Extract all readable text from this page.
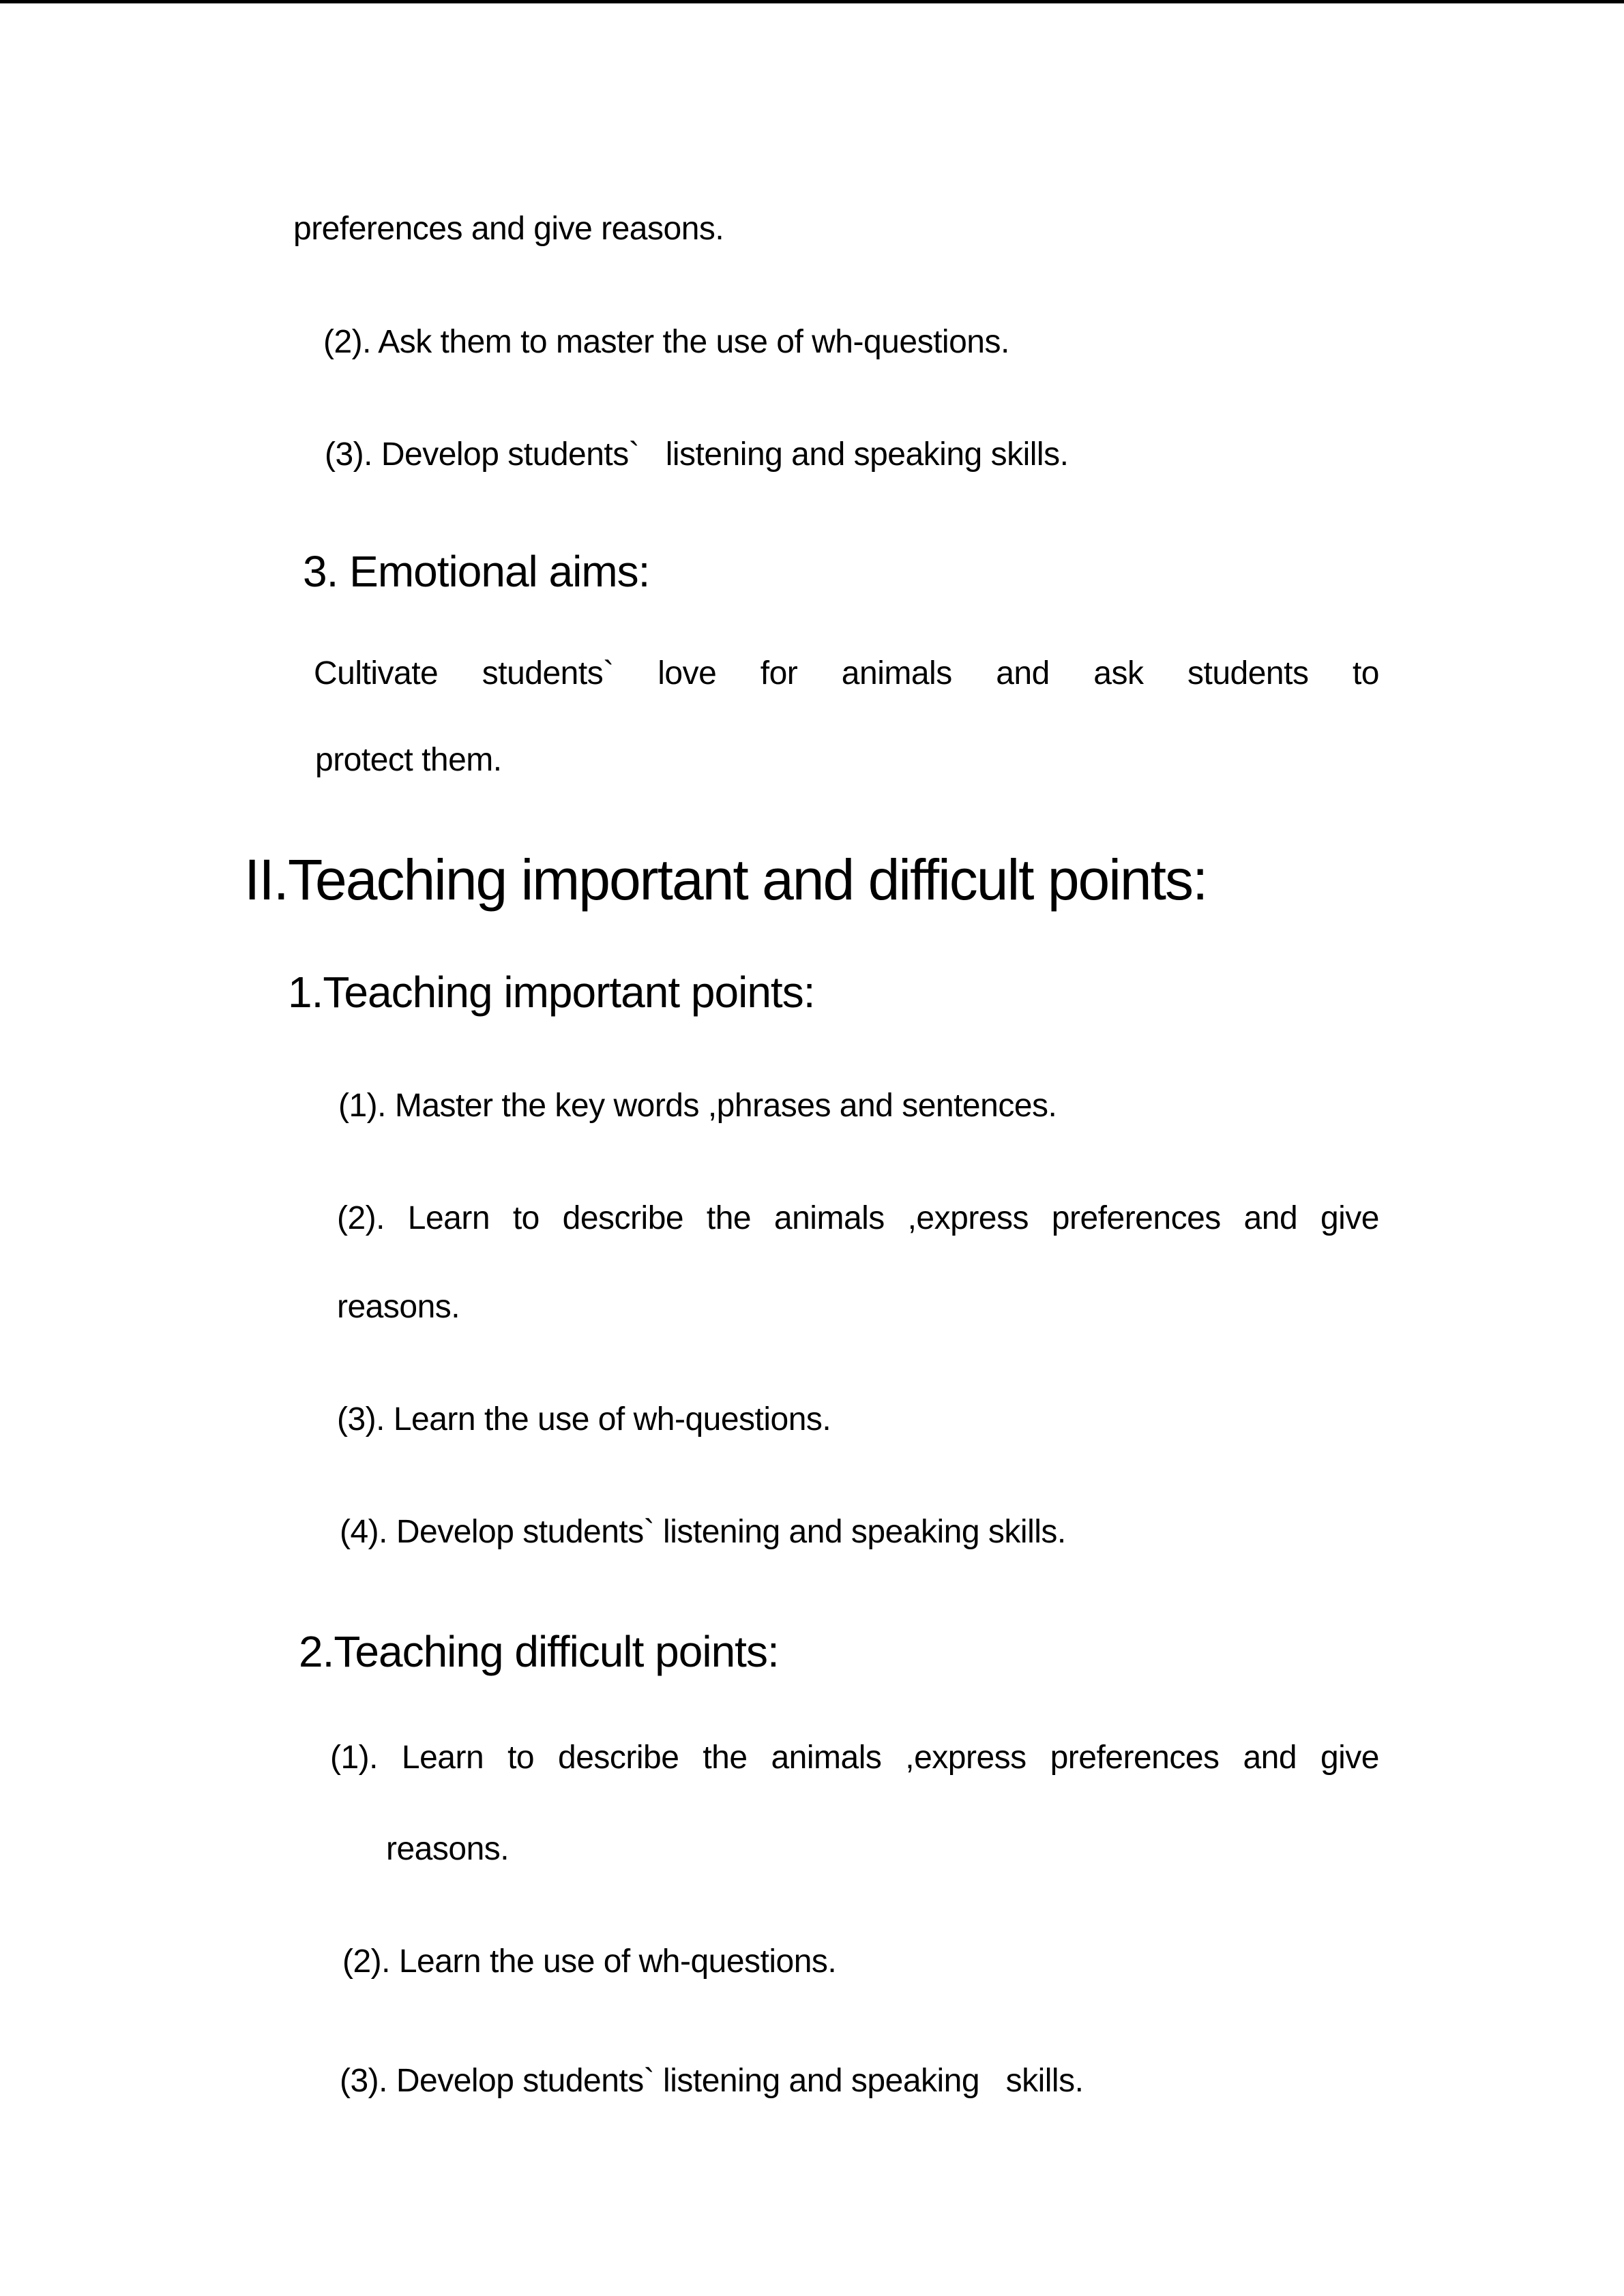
preferences and give reasons.
(2). Ask them to master the use of wh-questions.
(3). Develop students`   listening and speaking skills.
3. Emotional aims:
Cultivate students` love for animals and ask students to
protect them.
II.Teaching important and difficult points:
1.Teaching important points:
(1). Master the key words ,phrases and sentences.
(2). Learn to describe the animals ,express preferences and give
reasons.
(3). Learn the use of wh-questions.
(4). Develop students` listening and speaking skills.
2.Teaching difficult points:
(1). Learn to describe the animals ,express preferences and give
reasons.
(2). Learn the use of wh-questions.
(3). Develop students` listening and speaking   skills.
